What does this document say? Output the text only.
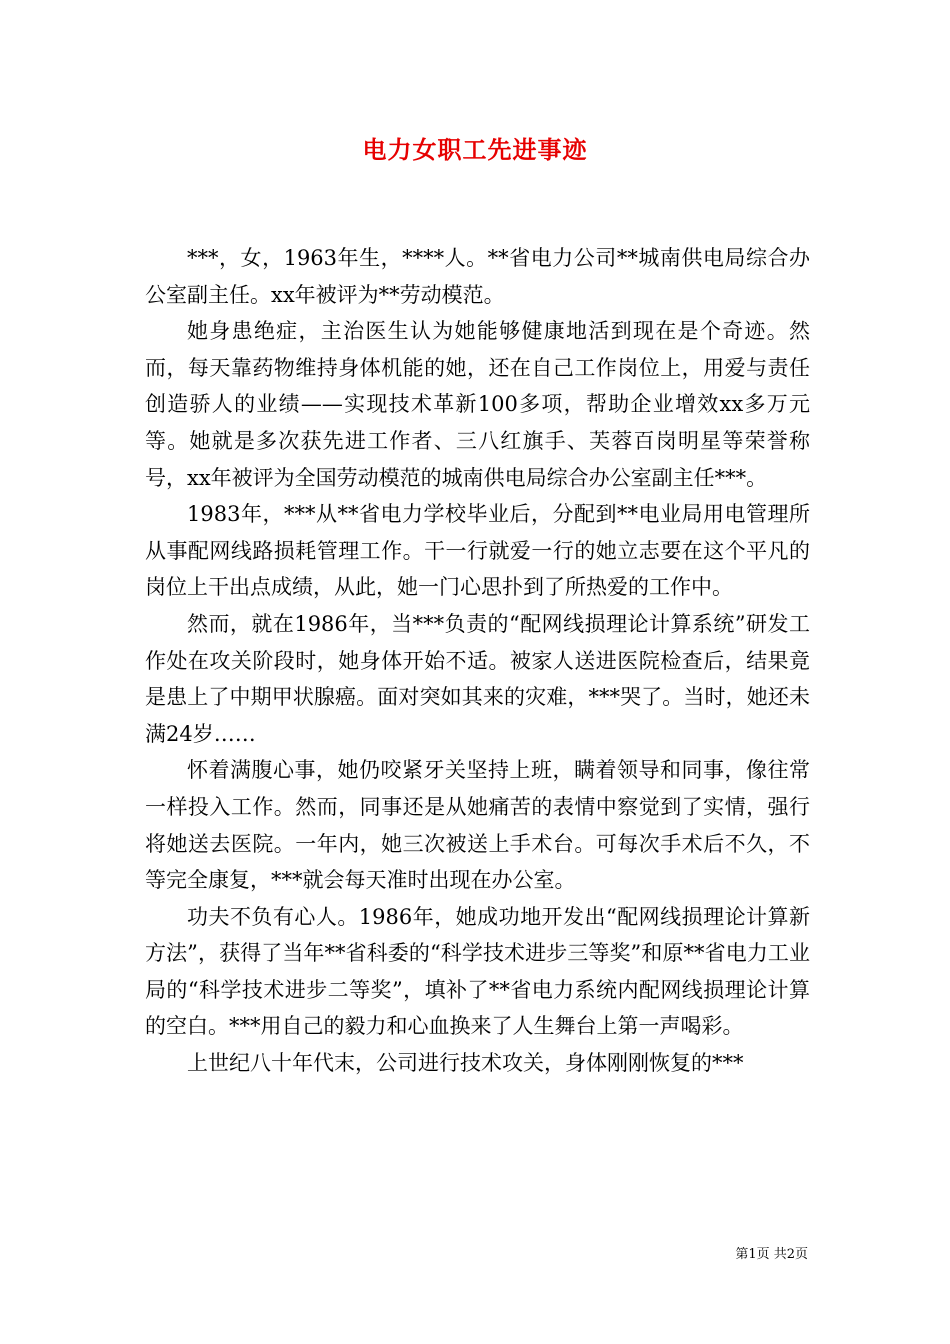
电力女职工先进事迹

***，女，1963年生，****人。**省电力公司**城南供电局综合办公室副主任。xx年被评为**劳动模范。

她身患绝症，主治医生认为她能够健康地活到现在是个奇迹。然而，每天靠药物维持身体机能的她，还在自己工作岗位上，用爱与责任创造骄人的业绩——实现技术革新100多项，帮助企业增效xx多万元等。她就是多次获先进工作者、三八红旗手、芙蓉百岗明星等荣誉称号，xx年被评为全国劳动模范的城南供电局综合办公室副主任***。

1983年，***从**省电力学校毕业后，分配到**电业局用电管理所从事配网线路损耗管理工作。干一行就爱一行的她立志要在这个平凡的岗位上干出点成绩，从此，她一门心思扑到了所热爱的工作中。

然而，就在1986年，当***负责的“配网线损理论计算系统”研发工作处在攻关阶段时，她身体开始不适。被家人送进医院检查后，结果竟是患上了中期甲状腺癌。面对突如其来的灾难，***哭了。当时，她还未满24岁……

怀着满腹心事，她仍咬紧牙关坚持上班，瞒着领导和同事，像往常一样投入工作。然而，同事还是从她痛苦的表情中察觉到了实情，强行将她送去医院。一年内，她三次被送上手术台。可每次手术后不久，不等完全康复，***就会每天准时出现在办公室。

功夫不负有心人。1986年，她成功地开发出“配网线损理论计算新方法”，获得了当年**省科委的“科学技术进步三等奖”和原**省电力工业局的“科学技术进步二等奖”，填补了**省电力系统内配网线损理论计算的空白。***用自己的毅力和心血换来了人生舞台上第一声喝彩。

上世纪八十年代末，公司进行技术攻关，身体刚刚恢复的***

第1页 共2页
